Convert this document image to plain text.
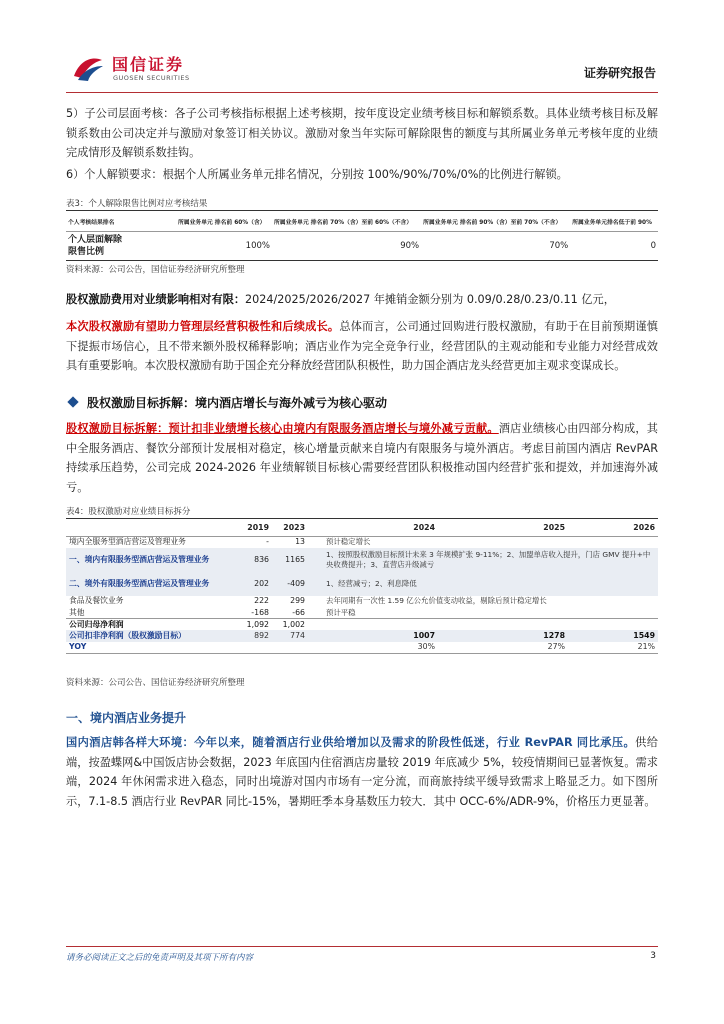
国信证券
GUOSEN SECURITIES	证券研究报告
5）子公司层面考核：各子公司考核指标根据上述考核期，按年度设定业绩考核目标和解锁系数。具体业绩考核目标及解锁系数由公司决定并与激励对象签订相关协议。激励对象当年实际可解除限售的额度与其所属业务单元考核年度的业绩完成情形及解锁系数挂钩。
6）个人解锁要求：根据个人所属业务单元排名情况，分别按 100%/90%/70%/0%的比例进行解锁。
表3：个人解除限售比例对应考核结果
个人考核结果排名	所属业务单元 排名前 60%（含）	所属业务单元 排名前 70%（含）至前 60%（不含）	所属业务单元 排名前 90%（含）至前 70%（不含）	所属业务单元排名低于前 90%

个人层面解除
限售比例	100%	90%	70%	0
资料来源：公司公告，国信证券经济研究所整理
股权激励费用对业绩影响相对有限：2024/2025/2026/2027 年摊销金额分别为 0.09/0.28/0.23/0.11 亿元，
本次股权激励有望助力管理层经营积极性和后续成长。总体而言，公司通过回购进行股权激励，有助于在目前预期谨慎下提振市场信心，且不带来额外股权稀释影响；酒店业作为完全竞争行业，经营团队的主观动能和专业能力对经营成效具有重要影响。本次股权激励有助于国企充分释放经营团队积极性，助力国企酒店龙头经营更加主观求变谋成长。
股权激励目标拆解：境内酒店增长与海外减亏为核心驱动
股权激励目标拆解：预计扣非业绩增长核心由境内有限服务酒店增长与境外减亏贡献。酒店业绩核心由四部分构成，其中全服务酒店、餐饮分部预计发展相对稳定，核心增量贡献来自境内有限服务与境外酒店。考虑目前国内酒店 RevPAR 持续承压趋势，公司完成 2024-2026 年业绩解锁目标核心需要经营团队积极推动国内经营扩张和提效，并加速海外减亏。
表4：股权激励对应业绩目标拆分
	2019	2023	2024	2025	2026
境内全服务型酒店营运及管理业务	-	13	预计稳定增长		
一、境内有限服务型酒店营运及管理业务	836	1165	1、按照股权激励目标预计未来 3 年规模扩张 9-11%；2、加盟单店收入提升，门店 GMV 提升+中央收费提升；3、直营店升级减亏		
二、境外有限服务型酒店营运及管理业务	202	-409	1、经营减亏；2、利息降低		
食品及餐饮业务	222	299	去年同期有一次性 1.59 亿公允价值变动收益，剔除后预计稳定增长		
其他	-168	-66	预计平稳		
公司归母净利润	1,092	1,002			
公司扣非净利润（股权激励目标）	892	774	1007	1278	1549
YOY			30%	27%	21%
资料来源：公司公告、国信证券经济研究所整理
一、境内酒店业务提升
国内酒店韩各样大环境：今年以来，随着酒店行业供给增加以及需求的阶段性低迷，行业 RevPAR 同比承压。供给端，按盈蝶网&中国饭店协会数据，2023 年底国内住宿酒店房量较 2019 年底减少 5%，较疫情期间已显著恢复。需求端，2024 年休闲需求进入稳态，同时出境游对国内市场有一定分流，而商旅持续平缓导致需求上略显乏力。如下图所示，7.1-8.5 酒店行业 RevPAR 同比-15%，暑期旺季本身基数压力较大．其中 OCC-6%/ADR-9%，价格压力更显著。
请务必阅读正文之后的免责声明及其项下所有内容	3
